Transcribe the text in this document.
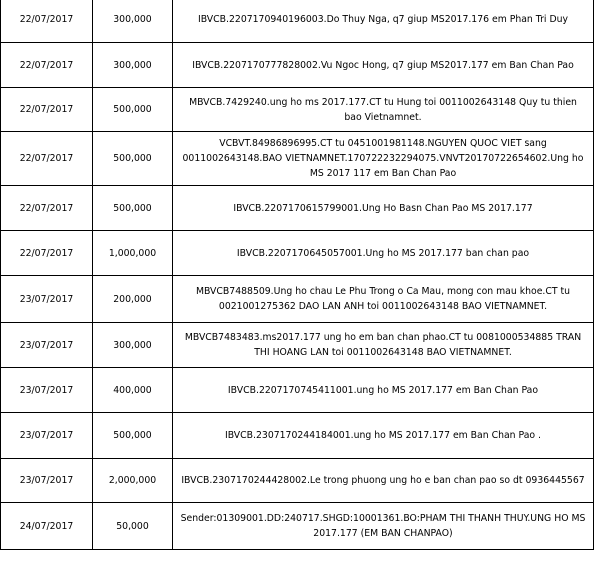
22/07/2017	300,000	IBVCB.2207170940196003.Do Thuy Nga, q7 giup MS2017.176 em Phan Tri Duy
22/07/2017	300,000	IBVCB.2207170777828002.Vu Ngoc Hong, q7 giup MS2017.177 em Ban Chan Pao
22/07/2017	500,000	MBVCB.7429240.ung ho ms 2017.177.CT tu Hung toi 0011002643148 Quy tu thien bao Vietnamnet.
22/07/2017	500,000	VCBVT.84986896995.CT tu 0451001981148.NGUYEN QUOC VIET sang 0011002643148.BAO VIETNAMNET.170722232294075.VNVT20170722654602.Ung ho MS 2017 117 em Ban Chan Pao
22/07/2017	500,000	IBVCB.2207170615799001.Ung Ho Basn Chan Pao MS 2017.177
22/07/2017	1,000,000	IBVCB.2207170645057001.Ung ho MS 2017.177 ban chan pao
23/07/2017	200,000	MBVCB7488509.Ung ho chau Le Phu Trong o Ca Mau, mong con mau khoe.CT tu 0021001275362 DAO LAN ANH toi 0011002643148 BAO VIETNAMNET.
23/07/2017	300,000	MBVCB7483483.ms2017.177 ung ho em ban chan phao.CT tu 0081000534885 TRAN THI HOANG LAN toi 0011002643148 BAO VIETNAMNET.
23/07/2017	400,000	IBVCB.2207170745411001.ung ho MS 2017.177 em Ban Chan Pao
23/07/2017	500,000	IBVCB.2307170244184001.ung ho MS 2017.177 em Ban Chan Pao .
23/07/2017	2,000,000	IBVCB.2307170244428002.Le trong phuong ung ho e ban chan pao so dt 0936445567
24/07/2017	50,000	Sender:01309001.DD:240717.SHGD:10001361.BO:PHAM THI THANH THUY.UNG HO MS 2017.177 (EM BAN CHANPAO)
